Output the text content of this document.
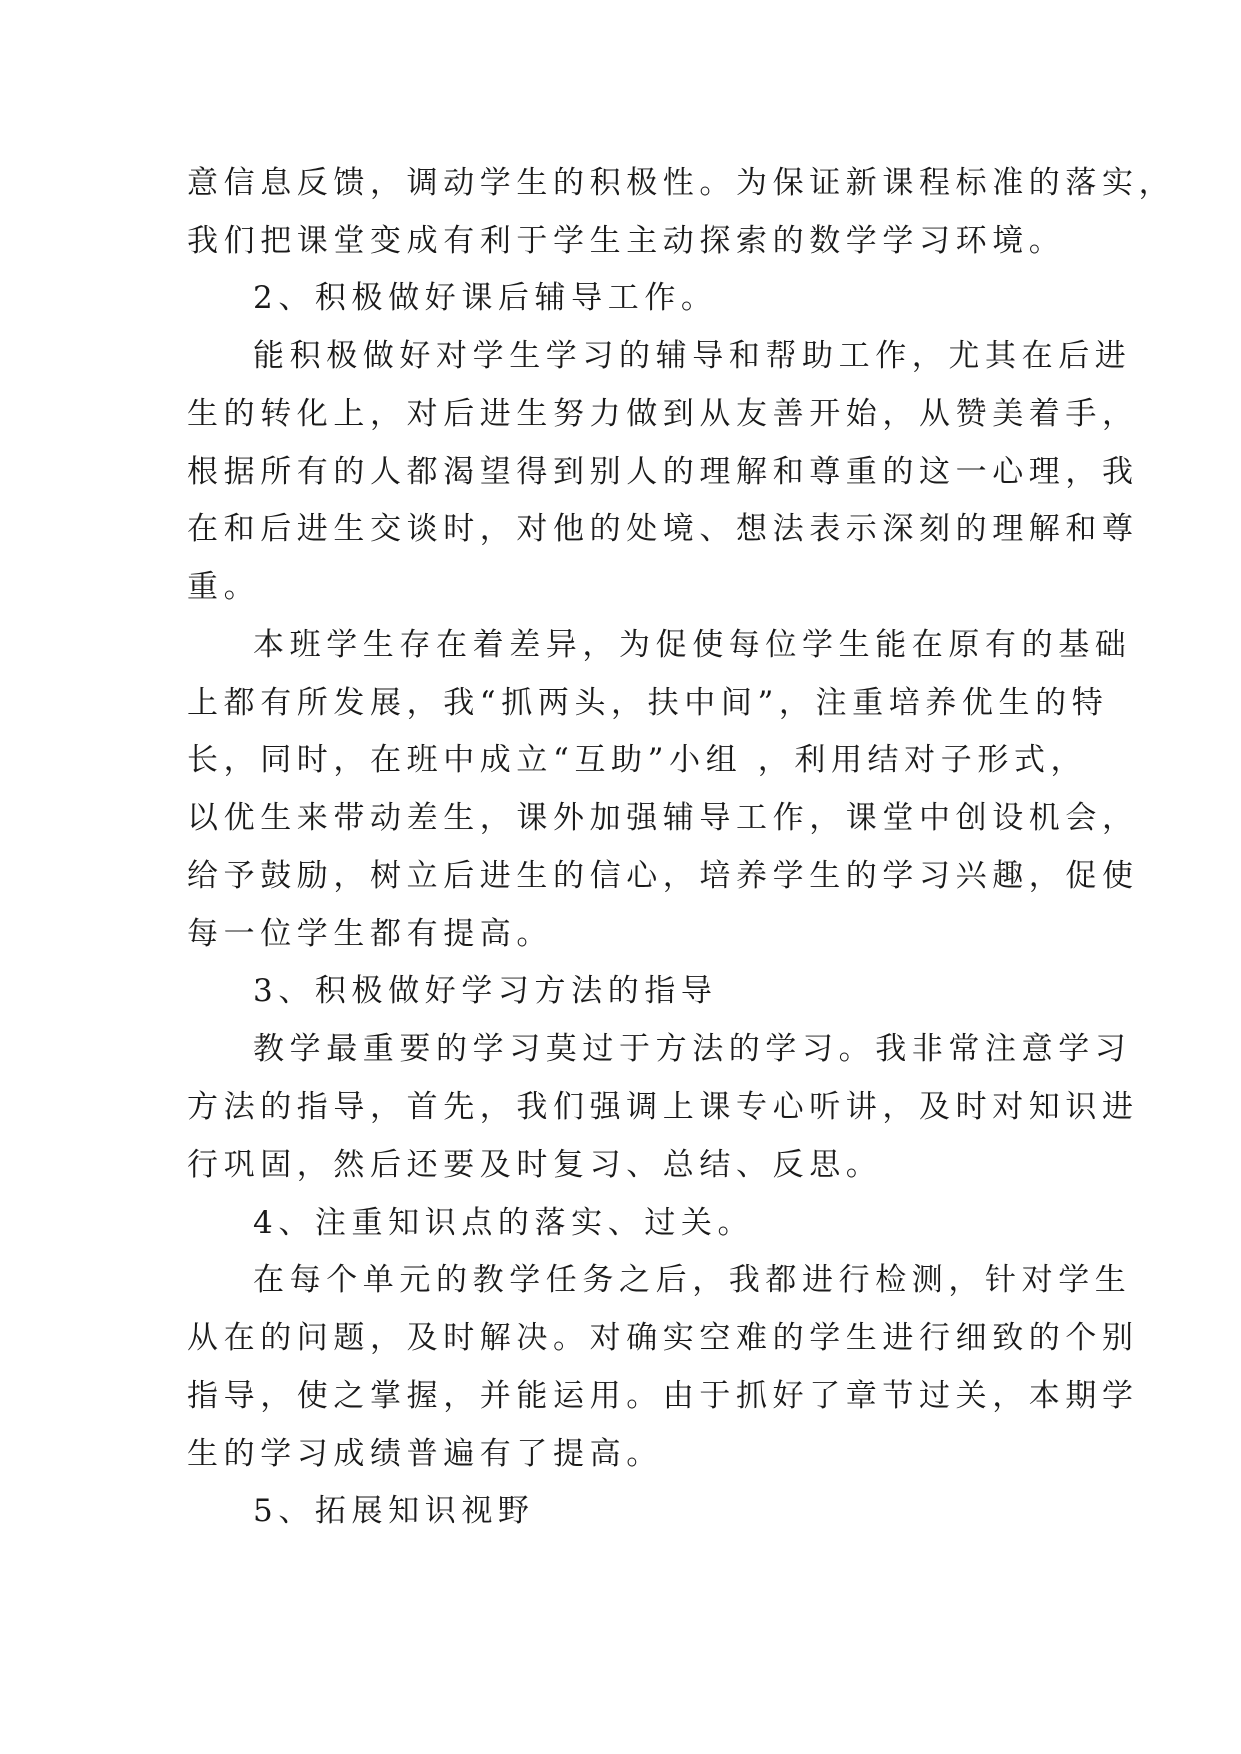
意信息反馈，调动学生的积极性。为保证新课程标准的落实，
我们把课堂变成有利于学生主动探索的数学学习环境。
2、积极做好课后辅导工作。
能积极做好对学生学习的辅导和帮助工作，尤其在后进
生的转化上，对后进生努力做到从友善开始，从赞美着手，
根据所有的人都渴望得到别人的理解和尊重的这一心理，我
在和后进生交谈时，对他的处境、想法表示深刻的理解和尊
重。
本班学生存在着差异，为促使每位学生能在原有的基础
上都有所发展，我“抓两头，扶中间”，注重培养优生的特
长，同时，在班中成立“互助”小组 ，利用结对子形式，
以优生来带动差生，课外加强辅导工作，课堂中创设机会，
给予鼓励，树立后进生的信心，培养学生的学习兴趣，促使
每一位学生都有提高。
3、积极做好学习方法的指导
教学最重要的学习莫过于方法的学习。我非常注意学习
方法的指导，首先，我们强调上课专心听讲，及时对知识进
行巩固，然后还要及时复习、总结、反思。
4、注重知识点的落实、过关。
在每个单元的教学任务之后，我都进行检测，针对学生
从在的问题，及时解决。对确实空难的学生进行细致的个别
指导，使之掌握，并能运用。由于抓好了章节过关，本期学
生的学习成绩普遍有了提高。
5、拓展知识视野
